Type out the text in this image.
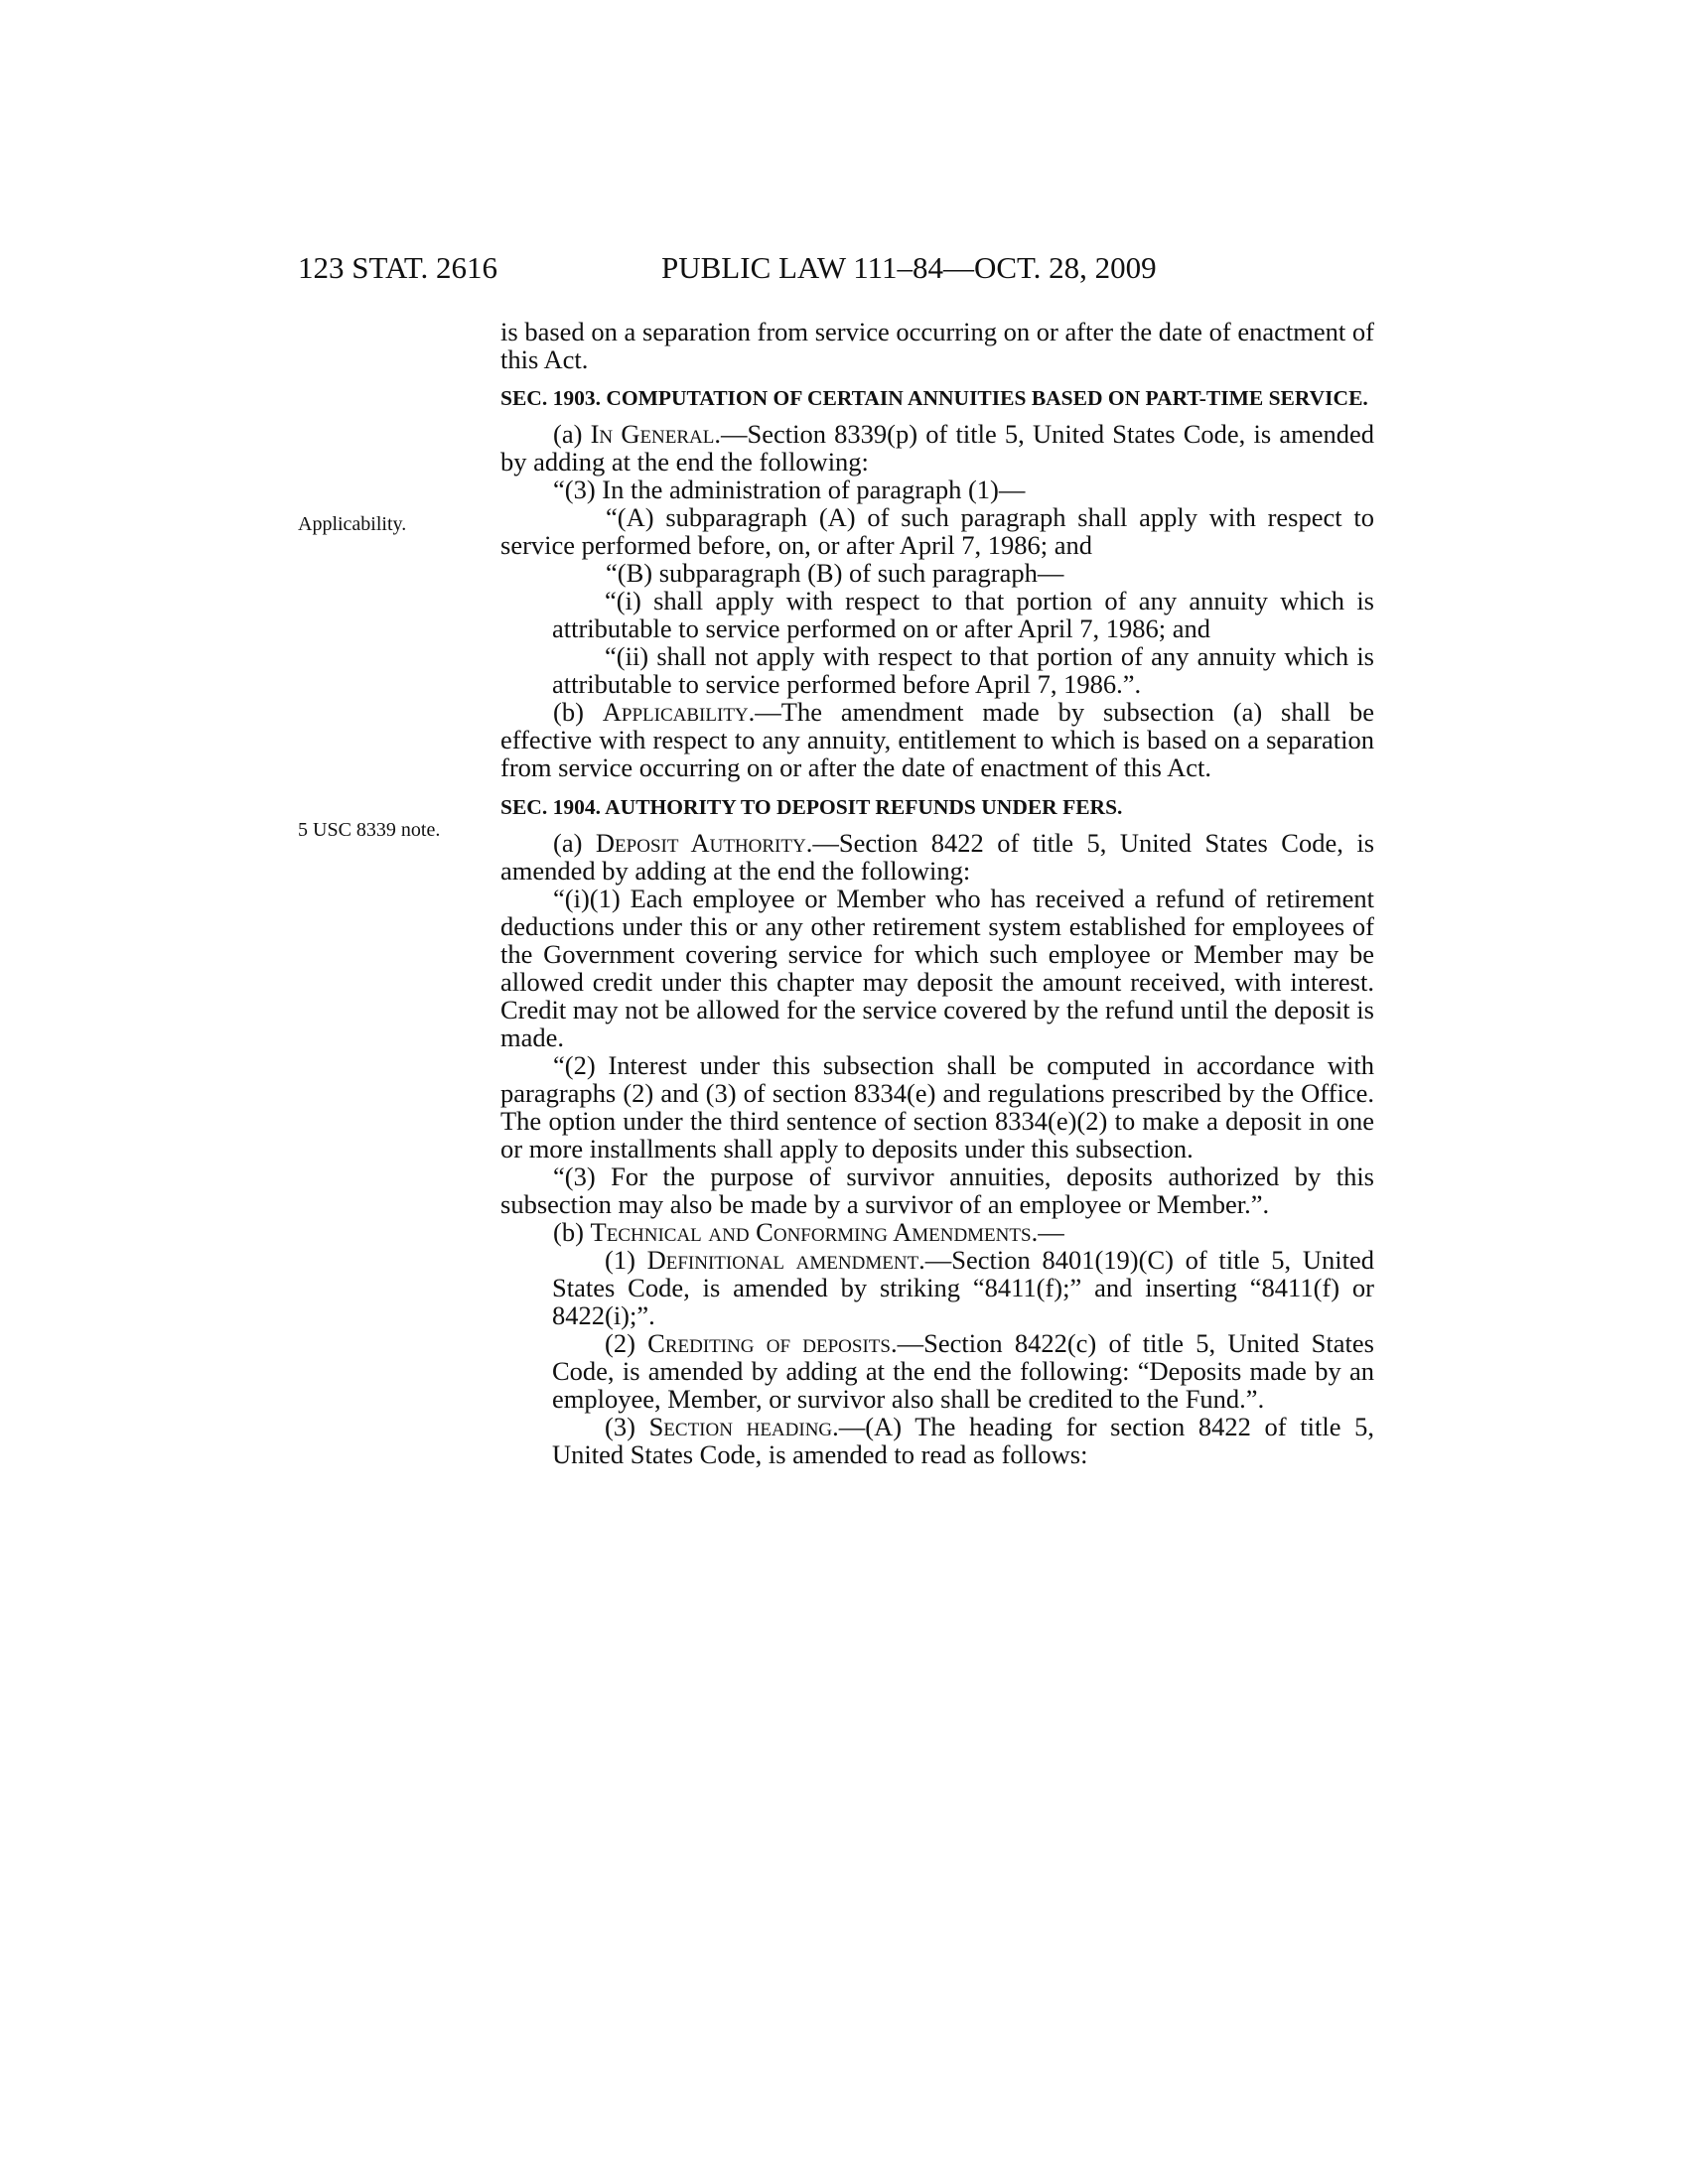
123 STAT. 2616	PUBLIC LAW 111–84—OCT. 28, 2009
Applicability.
5 USC 8339 note.

is based on a separation from service occurring on or after the date of enactment of this Act.

SEC. 1903. COMPUTATION OF CERTAIN ANNUITIES BASED ON PART-TIME SERVICE.

(a) In General.—Section 8339(p) of title 5, United States Code, is amended by adding at the end the following:

“(3) In the administration of paragraph (1)—

“(A) subparagraph (A) of such paragraph shall apply with respect to service performed before, on, or after April 7, 1986; and

“(B) subparagraph (B) of such paragraph—

“(i) shall apply with respect to that portion of any annuity which is attributable to service performed on or after April 7, 1986; and

“(ii) shall not apply with respect to that portion of any annuity which is attributable to service performed before April 7, 1986.”.

(b) Applicability.—The amendment made by subsection (a) shall be effective with respect to any annuity, entitlement to which is based on a separation from service occurring on or after the date of enactment of this Act.

SEC. 1904. AUTHORITY TO DEPOSIT REFUNDS UNDER FERS.

(a) Deposit Authority.—Section 8422 of title 5, United States Code, is amended by adding at the end the following:

“(i)(1) Each employee or Member who has received a refund of retirement deductions under this or any other retirement system established for employees of the Government covering service for which such employee or Member may be allowed credit under this chapter may deposit the amount received, with interest. Credit may not be allowed for the service covered by the refund until the deposit is made.

“(2) Interest under this subsection shall be computed in accordance with paragraphs (2) and (3) of section 8334(e) and regulations prescribed by the Office. The option under the third sentence of section 8334(e)(2) to make a deposit in one or more installments shall apply to deposits under this subsection.

“(3) For the purpose of survivor annuities, deposits authorized by this subsection may also be made by a survivor of an employee or Member.”.

(b) Technical and Conforming Amendments.—

(1) Definitional amendment.—Section 8401(19)(C) of title 5, United States Code, is amended by striking “8411(f);” and inserting “8411(f) or 8422(i);”.

(2) Crediting of deposits.—Section 8422(c) of title 5, United States Code, is amended by adding at the end the following: “Deposits made by an employee, Member, or survivor also shall be credited to the Fund.”.

(3) Section heading.—(A) The heading for section 8422 of title 5, United States Code, is amended to read as follows:
